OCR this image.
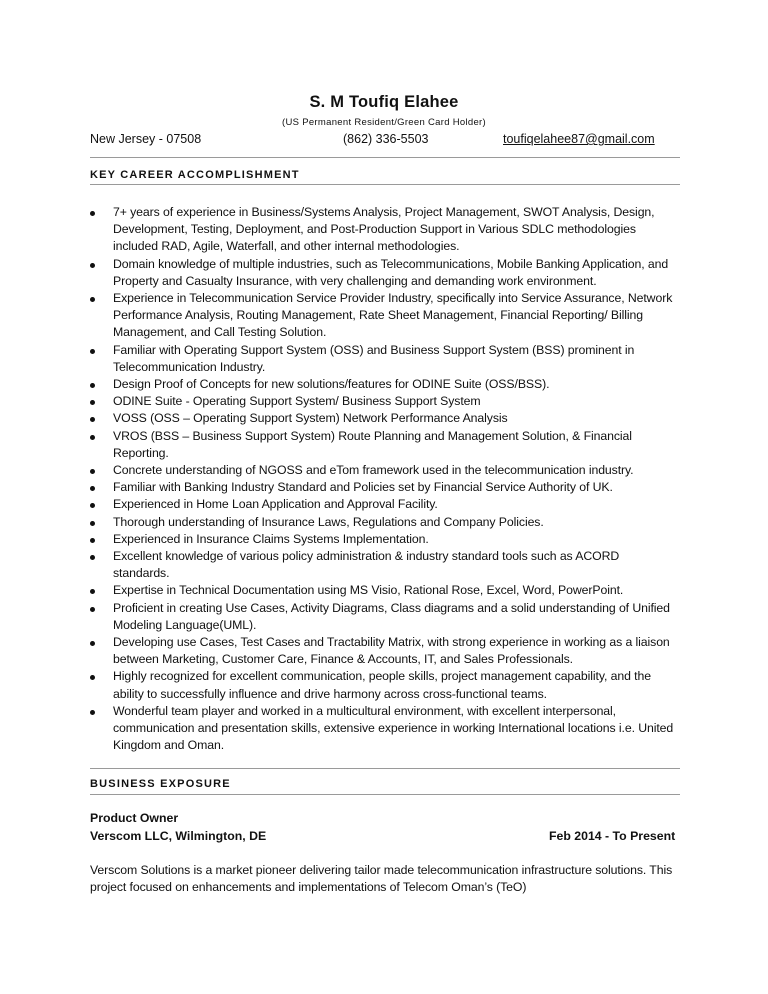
S. M Toufiq Elahee
(US Permanent Resident/Green Card Holder)
New Jersey - 07508	(862) 336-5503	toufiqelahee87@gmail.com
KEY CAREER ACCOMPLISHMENT
7+ years of experience in Business/Systems Analysis, Project Management, SWOT Analysis, Design, Development, Testing, Deployment, and Post-Production Support in Various SDLC methodologies included RAD, Agile, Waterfall, and other internal methodologies.
Domain knowledge of multiple industries, such as Telecommunications, Mobile Banking Application, and Property and Casualty Insurance, with very challenging and demanding work environment.
Experience in Telecommunication Service Provider Industry, specifically into Service Assurance, Network Performance Analysis, Routing Management, Rate Sheet Management, Financial Reporting/ Billing Management, and Call Testing Solution.
Familiar with Operating Support System (OSS) and Business Support System (BSS) prominent in Telecommunication Industry.
Design Proof of Concepts for new solutions/features for ODINE Suite (OSS/BSS).
ODINE Suite - Operating Support System/ Business Support System
VOSS (OSS – Operating Support System) Network Performance Analysis
VROS (BSS – Business Support System) Route Planning and Management Solution, & Financial Reporting.
Concrete understanding of NGOSS and eTom framework used in the telecommunication industry.
Familiar with Banking Industry Standard and Policies set by Financial Service Authority of UK.
Experienced in Home Loan Application and Approval Facility.
Thorough understanding of Insurance Laws, Regulations and Company Policies.
Experienced in Insurance Claims Systems Implementation.
Excellent knowledge of various policy administration & industry standard tools such as ACORD standards.
Expertise in Technical Documentation using MS Visio, Rational Rose, Excel, Word, PowerPoint.
Proficient in creating Use Cases, Activity Diagrams, Class diagrams and a solid understanding of Unified Modeling Language(UML).
Developing use Cases, Test Cases and Tractability Matrix, with strong experience in working as a liaison between Marketing, Customer Care, Finance & Accounts, IT, and Sales Professionals.
Highly recognized for excellent communication, people skills, project management capability, and the ability to successfully influence and drive harmony across cross-functional teams.
Wonderful team player and worked in a multicultural environment, with excellent interpersonal, communication and presentation skills, extensive experience in working International locations i.e. United Kingdom and Oman.
BUSINESS EXPOSURE
Product Owner
Verscom LLC, Wilmington, DE	Feb 2014 - To Present
Verscom Solutions is a market pioneer delivering tailor made telecommunication infrastructure solutions. This project focused on enhancements and implementations of Telecom Oman’s (TeO)
